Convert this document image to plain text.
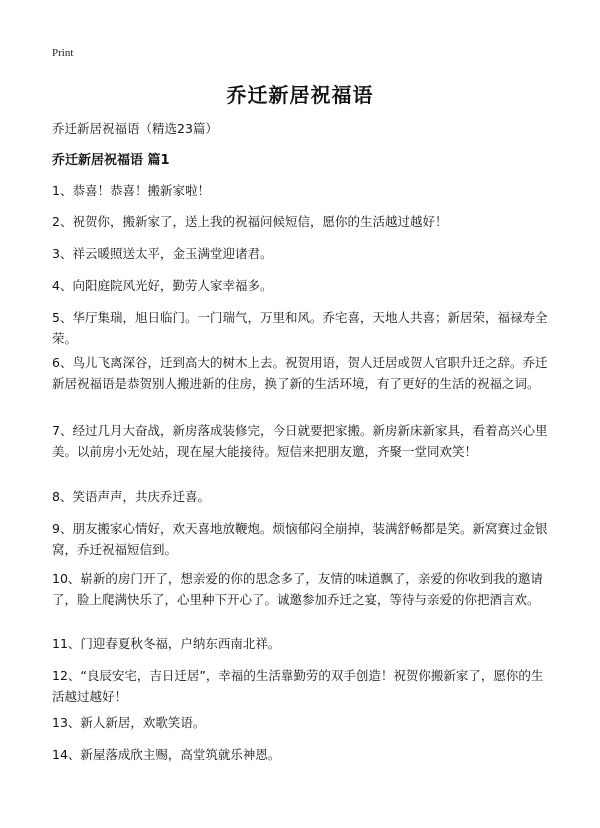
Print
乔迁新居祝福语
乔迁新居祝福语（精选23篇）
乔迁新居祝福语 篇1

1、恭喜！恭喜！搬新家啦！

2、祝贺你，搬新家了，送上我的祝福问候短信，愿你的生活越过越好！

3、祥云暖照送太平，金玉满堂迎诸君。

4、向阳庭院风光好，勤劳人家幸福多。

5、华厅集瑞，旭日临门。一门瑞气，万里和风。乔宅喜，天地人共喜；新居荣，福禄寿全荣。

6、鸟儿飞离深谷，迁到高大的树木上去。祝贺用语，贺人迁居或贺人官职升迁之辞。乔迁新居祝福语是恭贺别人搬进新的住房，换了新的生活环境，有了更好的生活的祝福之词。

7、经过几月大奋战，新房落成装修完，今日就要把家搬。新房新床新家具，看着高兴心里美。以前房小无处站，现在屋大能接待。短信来把朋友邀，齐聚一堂同欢笑！

8、笑语声声，共庆乔迁喜。

9、朋友搬家心情好，欢天喜地放鞭炮。烦恼郁闷全崩掉，装满舒畅都是笑。新窝赛过金银窝，乔迁祝福短信到。

10、崭新的房门开了，想亲爱的你的思念多了，友情的味道飘了，亲爱的你收到我的邀请了，脸上爬满快乐了，心里种下开心了。诚邀参加乔迁之宴，等待与亲爱的你把酒言欢。

11、门迎春夏秋冬福，户纳东西南北祥。

12、“良辰安宅，吉日迁居”，幸福的生活靠勤劳的双手创造！祝贺你搬新家了，愿你的生活越过越好！

13、新人新居，欢歌笑语。

14、新屋落成欣主赐，高堂筑就乐神恩。
